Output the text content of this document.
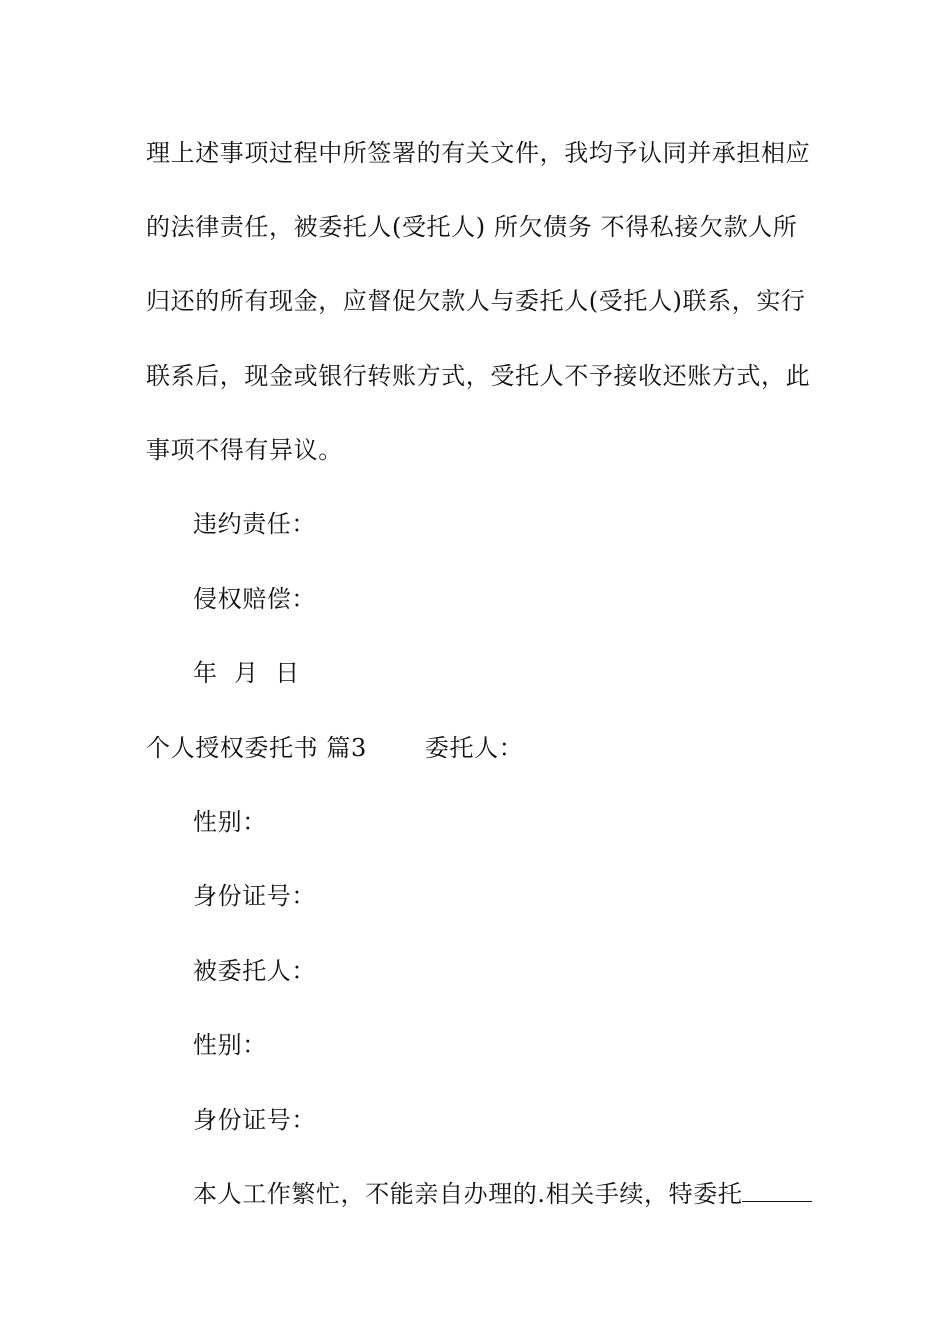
理上述事项过程中所签署的有关文件，我均予认同并承担相应
的法律责任，被委托人(受托人) 所欠债务 不得私接欠款人所
归还的所有现金，应督促欠款人与委托人(受托人)联系，实行
联系后，现金或银行转账方式，受托人不予接收还账方式，此
事项不得有异议。
违约责任：
侵权赔偿：
年  月  日
个人授权委托书 篇3 委托人：
性别：
身份证号：
被委托人：
性别：
身份证号：
本人工作繁忙，不能亲自办理的.相关手续，特委托
